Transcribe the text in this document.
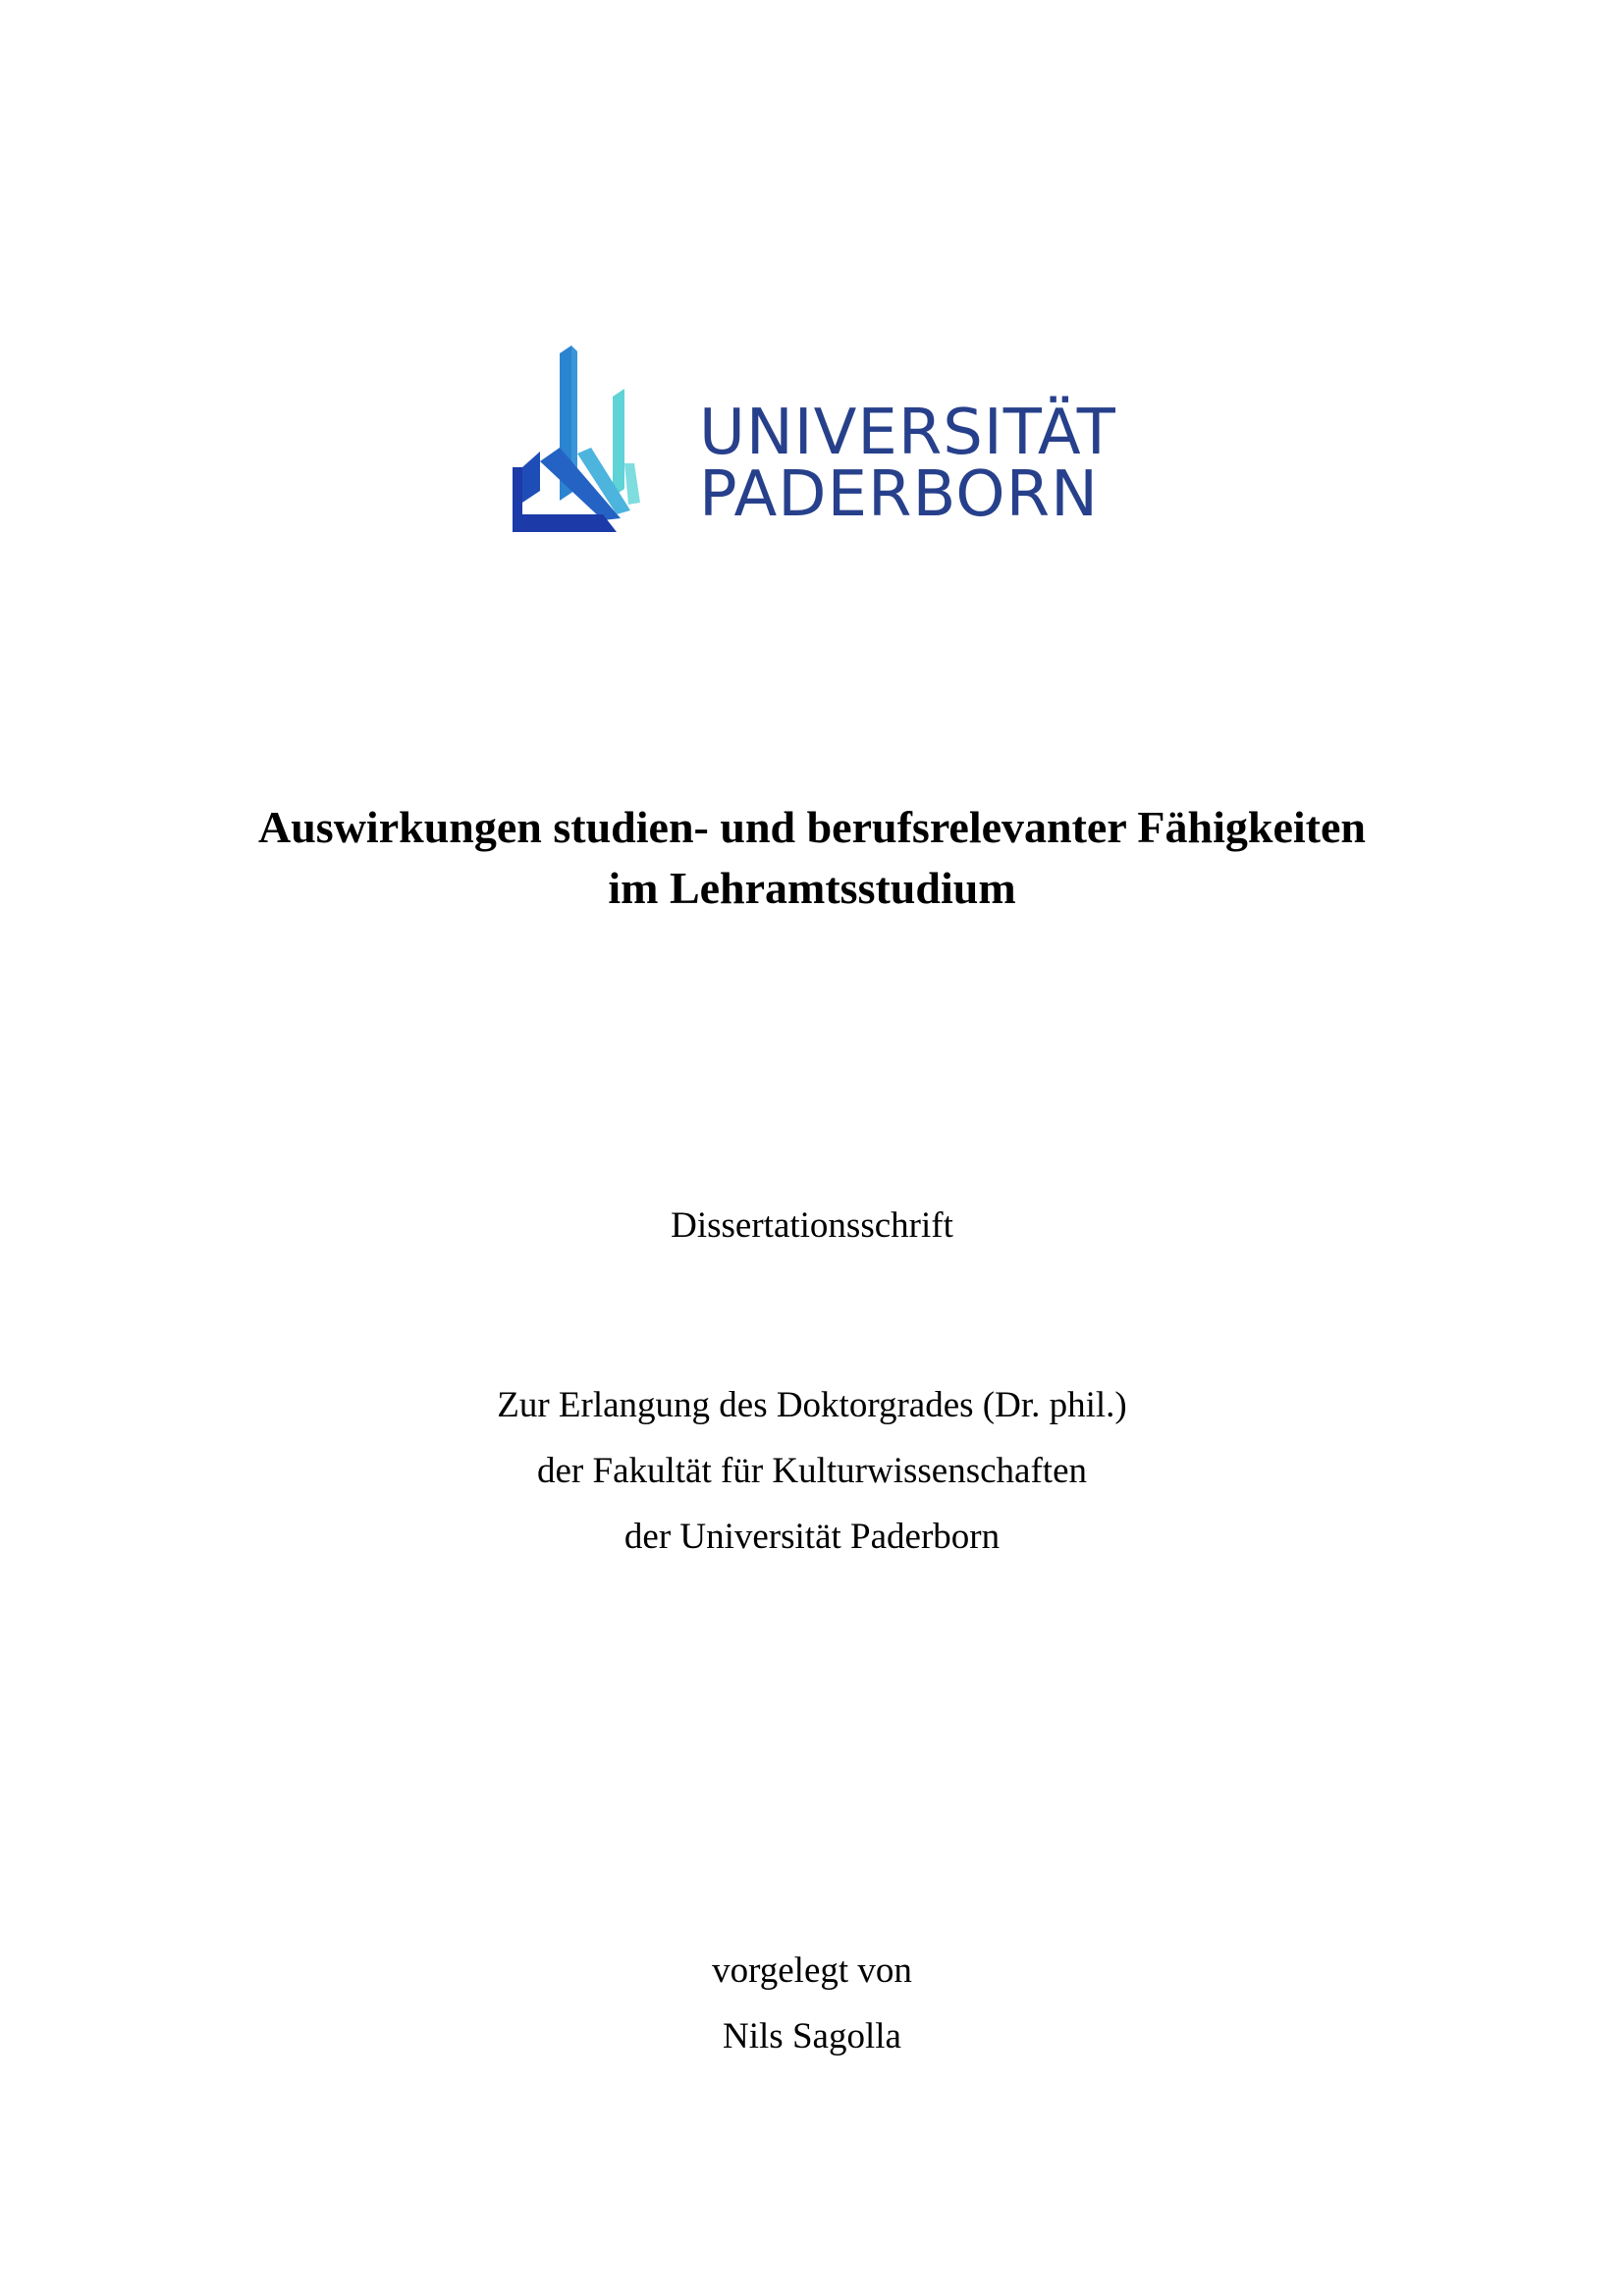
UNIVERSITÄT
PADERBORN
Auswirkungen studien- und berufsrelevanter Fähigkeiten
im Lehramtsstudium
Dissertationsschrift
Zur Erlangung des Doktorgrades (Dr. phil.)
der Fakultät für Kulturwissenschaften
der Universität Paderborn
vorgelegt von
Nils Sagolla
